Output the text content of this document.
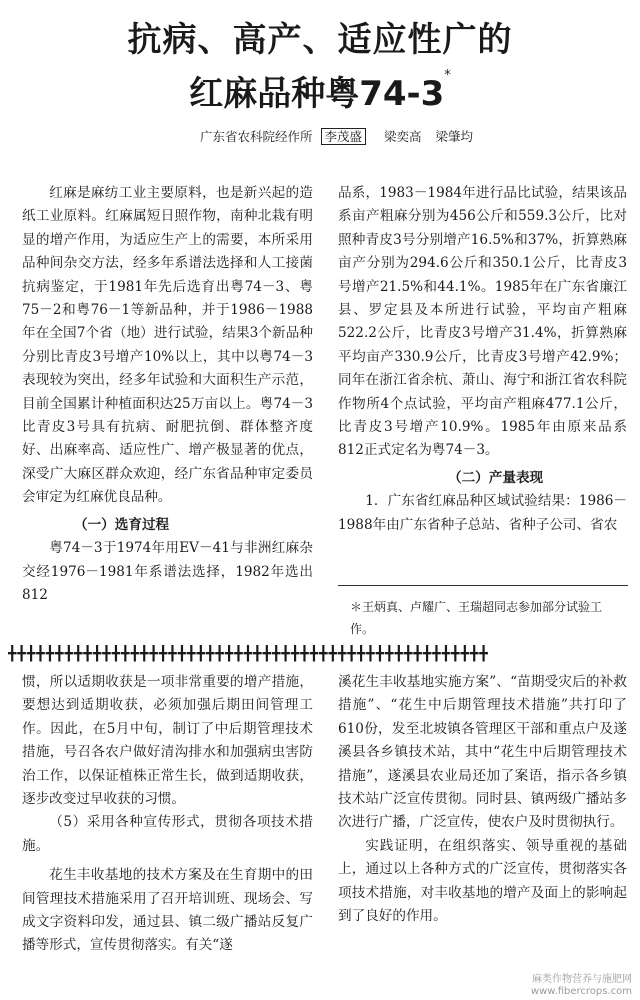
抗病、高产、适应性广的
红麻品种粤74-3*
广东省农科院经作所 李茂盛 梁奕高 梁肇均

红麻是麻纺工业主要原料，也是新兴起的造纸工业原料。红麻属短日照作物，南种北栽有明显的增产作用，为适应生产上的需要，本所采用品种间杂交方法，经多年系谱法选择和人工接菌抗病鉴定，于1981年先后选育出粤74－3、粤75－2和粤76－1等新品种，并于1986－1988年在全国7个省（地）进行试验，结果3个新品种分别比青皮3号增产10%以上，其中以粤74－3表现较为突出，经多年试验和大面积生产示范，目前全国累计种植面积达25万亩以上。粤74－3比青皮3号具有抗病、耐肥抗倒、群体整齐度好、出麻率高、适应性广、增产极显著的优点，深受广大麻区群众欢迎，经广东省品种审定委员会审定为红麻优良品种。

（一）选育过程

粤74－3于1974年用EV－41与非洲红麻杂交经1976－1981年系谱法选择，1982年选出812

品系，1983－1984年进行品比试验，结果该品系亩产粗麻分别为456公斤和559.3公斤，比对照种青皮3号分别增产16.5%和37%，折算熟麻亩产分别为294.6公斤和350.1公斤，比青皮3号增产21.5%和44.1%。1985年在广东省廉江县、罗定县及本所进行试验，平均亩产粗麻522.2公斤，比青皮3号增产31.4%，折算熟麻平均亩产330.9公斤，比青皮3号增产42.9%；同年在浙江省余杭、萧山、海宁和浙江省农科院作物所4个点试验，平均亩产粗麻477.1公斤，比青皮3号增产10.9%。1985年由原来品系812正式定名为粤74－3。

（二）产量表现

1．广东省红麻品种区域试验结果：1986－1988年由广东省种子总站、省种子公司、省农

＊王炳真、卢耀广、王瑞超同志参加部分试验工作。
╋╋╋╋╋╋╋╋╋╋╋╋╋╋╋╋╋╋╋╋╋╋╋╋╋╋╋╋╋╋╋╋╋╋╋╋╋╋╋╋╋╋╋╋╋╋╋╋╋╋╋

惯，所以适期收获是一项非常重要的增产措施，要想达到适期收获，必须加强后期田间管理工作。因此，在5月中旬，制订了中后期管理技术措施，号召各农户做好清沟排水和加强病虫害防治工作，以保证植株正常生长，做到适期收获，逐步改变过早收获的习惯。

（5）采用各种宣传形式，贯彻各项技术措施。

花生丰收基地的技术方案及在生育期中的田间管理技术措施采用了召开培训班、现场会、写成文字资料印发，通过县、镇二级广播站反复广播等形式，宣传贯彻落实。有关“遂

溪花生丰收基地实施方案”、“苗期受灾后的补救措施”、“花生中后期管理技术措施”共打印了610份，发至北坡镇各管理区干部和重点户及遂溪县各乡镇技术站，其中“花生中后期管理技术措施”，遂溪县农业局还加了案语，指示各乡镇技术站广泛宣传贯彻。同时县、镇两级广播站多次进行广播，广泛宣传，使农户及时贯彻执行。

实践证明，在组织落实、领导重视的基础上，通过以上各种方式的广泛宣传，贯彻落实各项技术措施，对丰收基地的增产及面上的影响起到了良好的作用。

麻类作物营养与施肥网
www.fibercrops.com
